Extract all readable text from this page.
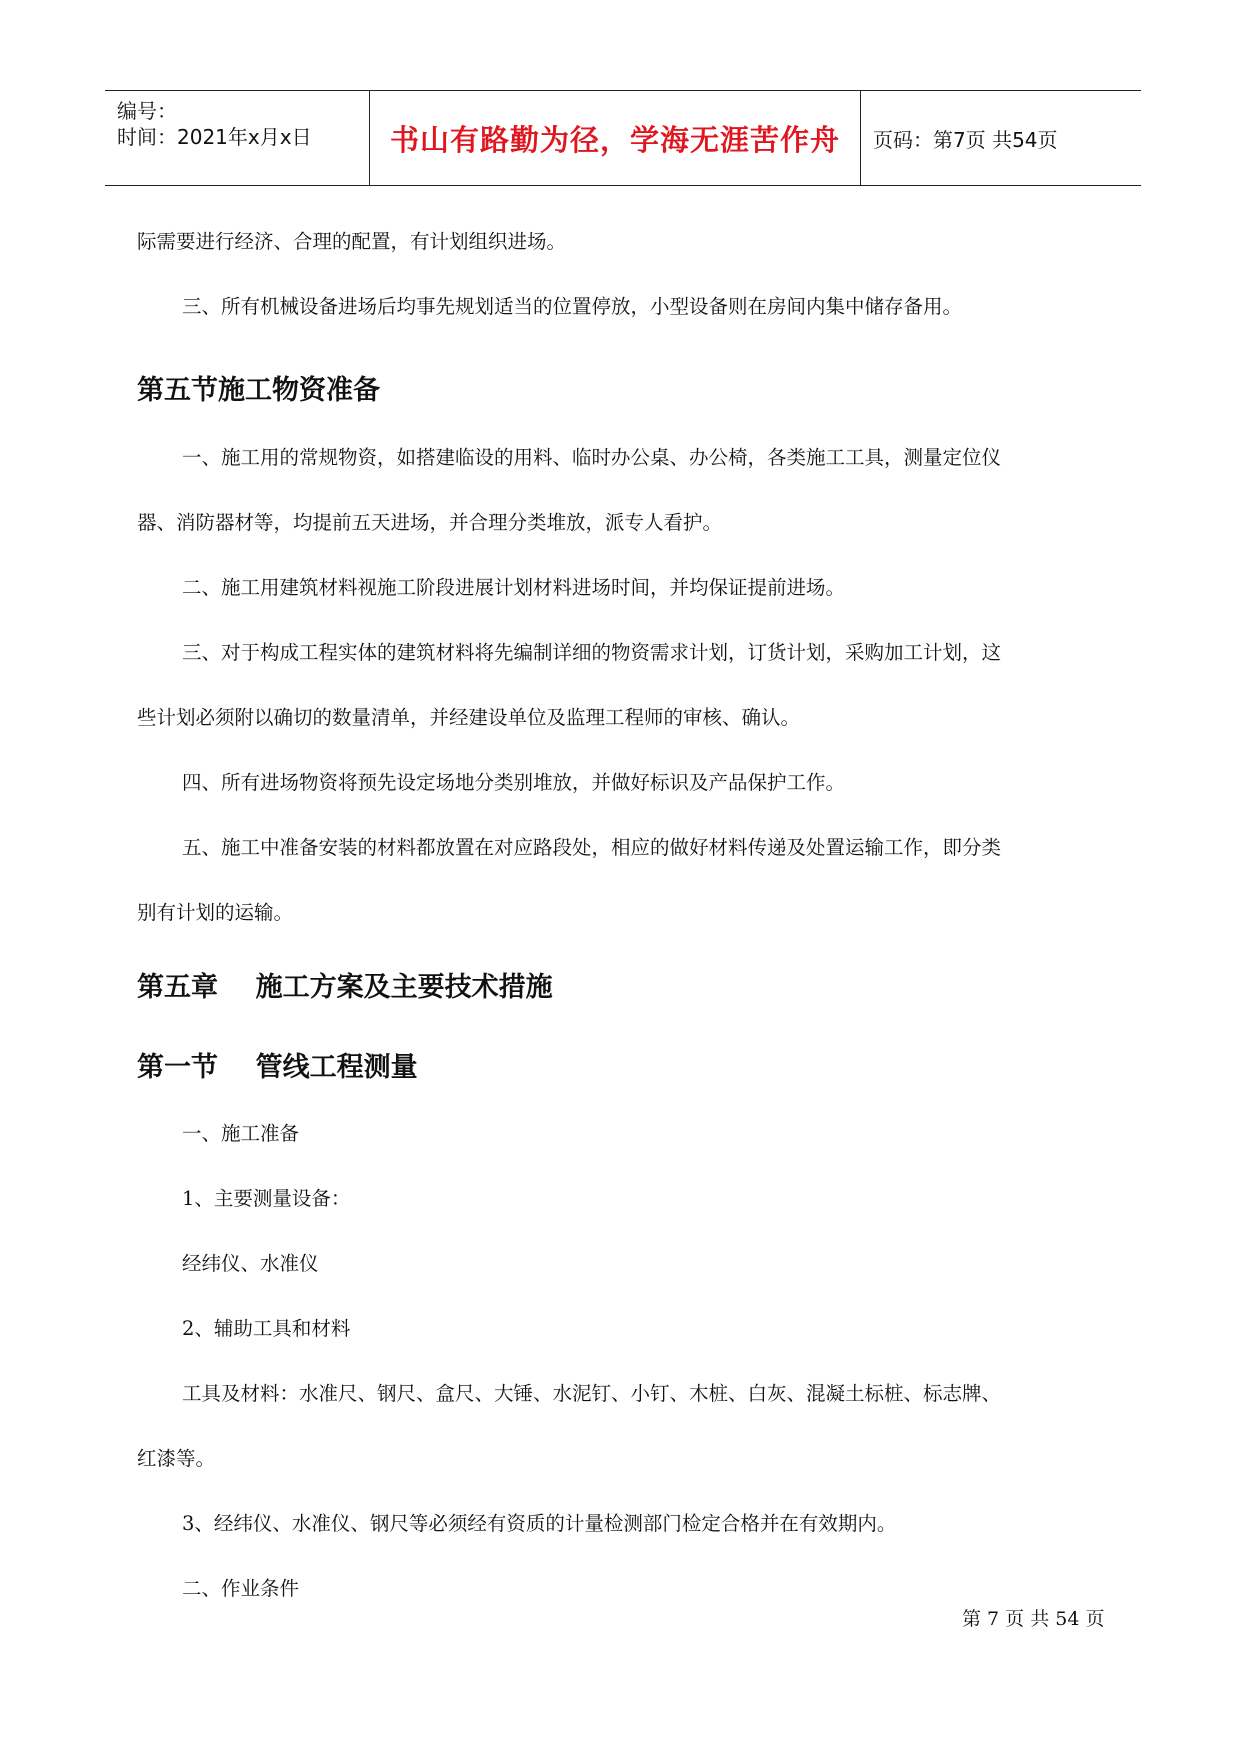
编号：
时间：2021年x月x日	书山有路勤为径，学海无涯苦作舟	页码：第7页 共54页
际需要进行经济、合理的配置，有计划组织进场。
三、所有机械设备进场后均事先规划适当的位置停放，小型设备则在房间内集中储存备用。
第五节施工物资准备
一、施工用的常规物资，如搭建临设的用料、临时办公桌、办公椅，各类施工工具，测量定位仪
器、消防器材等，均提前五天进场，并合理分类堆放，派专人看护。
二、施工用建筑材料视施工阶段进展计划材料进场时间，并均保证提前进场。
三、对于构成工程实体的建筑材料将先编制详细的物资需求计划，订货计划，采购加工计划，这
些计划必须附以确切的数量清单，并经建设单位及监理工程师的审核、确认。
四、所有进场物资将预先设定场地分类别堆放，并做好标识及产品保护工作。
五、施工中准备安装的材料都放置在对应路段处，相应的做好材料传递及处置运输工作，即分类
别有计划的运输。
第五章    施工方案及主要技术措施
第一节    管线工程测量
一、施工准备
1、主要测量设备：
经纬仪、水准仪
2、辅助工具和材料
工具及材料：水准尺、钢尺、盒尺、大锤、水泥钉、小钉、木桩、白灰、混凝土标桩、标志牌、
红漆等。
3、经纬仪、水准仪、钢尺等必须经有资质的计量检测部门检定合格并在有效期内。
二、作业条件
第 7 页 共 54 页
